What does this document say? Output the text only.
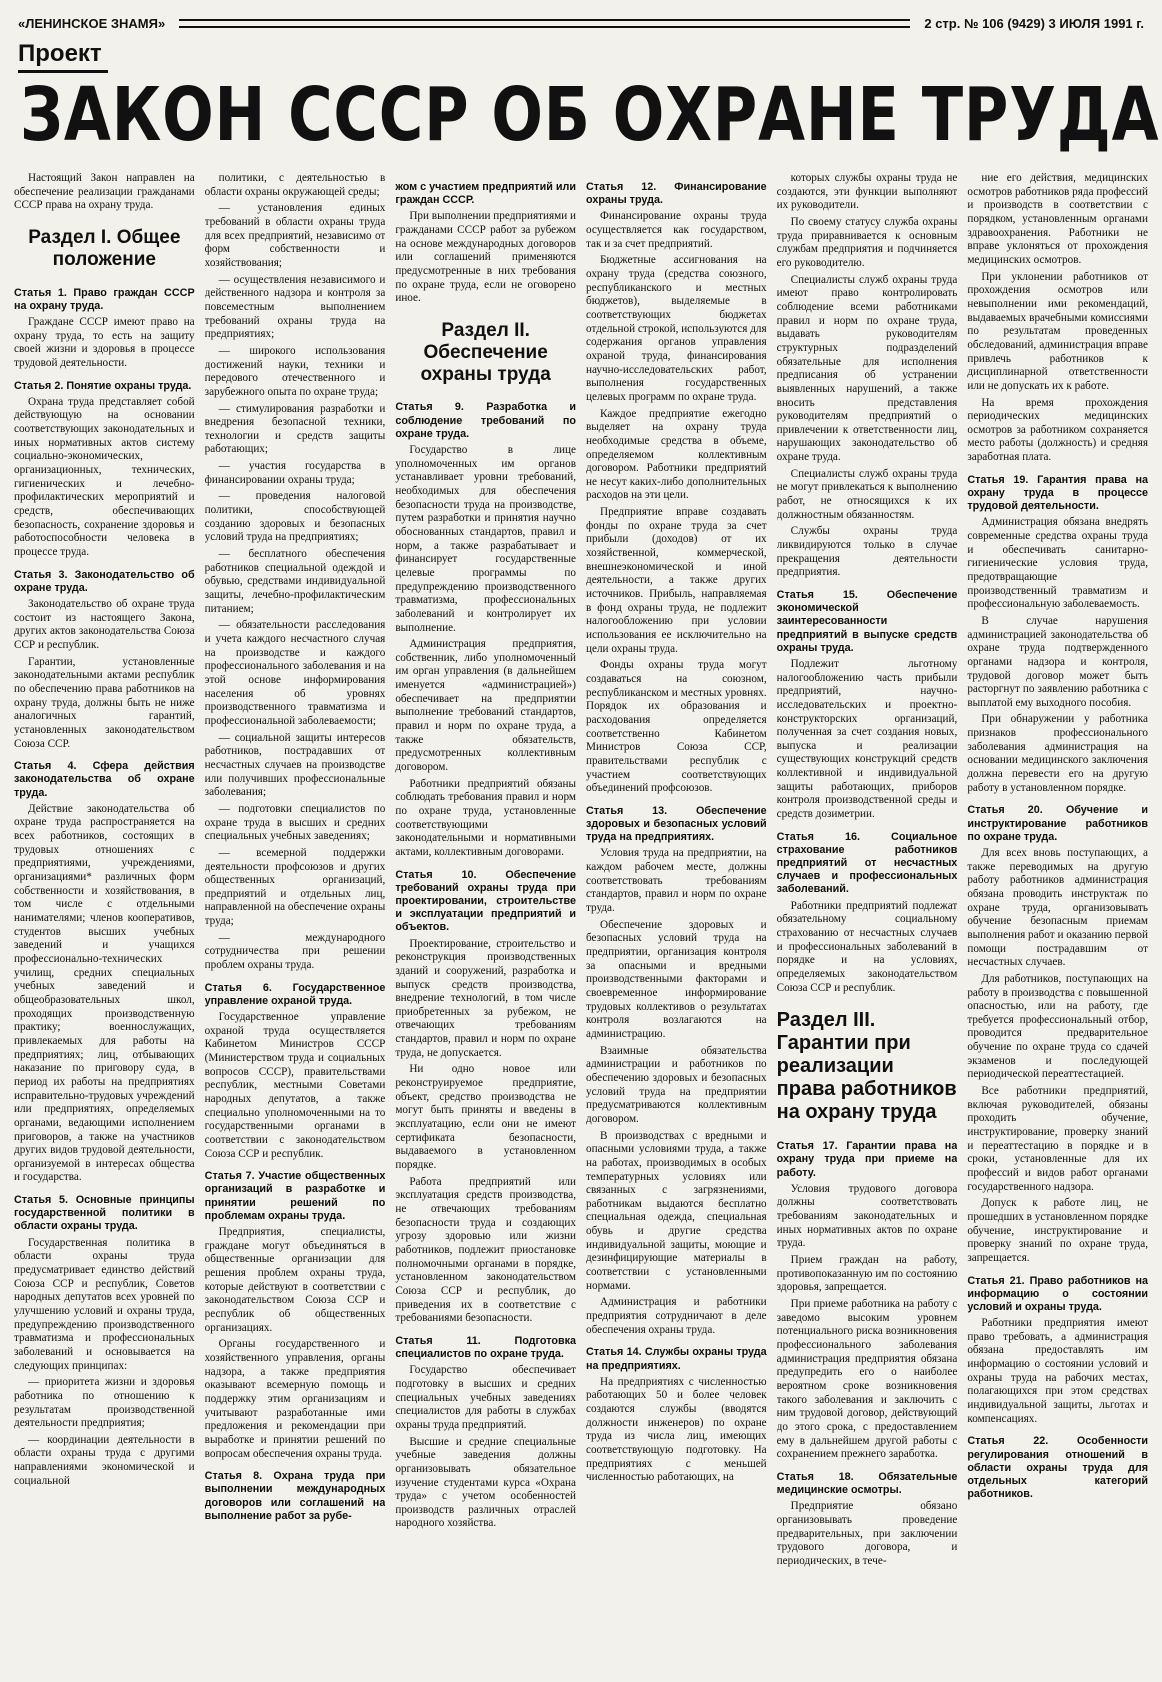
«ЛЕНИНСКОЕ ЗНАМЯ»	2 стр. № 106 (9429) 3 ИЮЛЯ 1991 г.
Проект
ЗАКОН СССР ОБ ОХРАНЕ ТРУДА

Настоящий Закон направлен на обеспечение реализации гражданами СССР права на охрану труда.

Раздел I. Общее положение

Статья 1. Право граждан СССР на охрану труда.

Граждане СССР имеют право на охрану труда, то есть на защиту своей жизни и здоровья в процессе трудовой деятельности.

Статья 2. Понятие охраны труда.

Охрана труда представляет собой действующую на основании соответствующих законодательных и иных нормативных актов систему социально-экономических, организационных, технических, гигиенических и лечебно-профилактических мероприятий и средств, обеспечивающих безопасность, сохранение здоровья и работоспособности человека в процессе труда.

Статья 3. Законодательство об охране труда.

Законодательство об охране труда состоит из настоящего Закона, других актов законодательства Союза ССР и республик.

Гарантии, установленные законодательными актами республик по обеспечению права работников на охрану труда, должны быть не ниже аналогичных гарантий, установленных законодательством Союза ССР.

Статья 4. Сфера действия законодательства об охране труда.

Действие законодательства об охране труда распространяется на всех работников, состоящих в трудовых отношениях с предприятиями, учреждениями, организациями* различных форм собственности и хозяйствования, в том числе с отдельными нанимателями; членов кооперативов, студентов высших учебных заведений и учащихся профессионально-технических училищ, средних специальных учебных заведений и общеобразовательных школ, проходящих производственную практику; военнослужащих, привлекаемых для работы на предприятиях; лиц, отбывающих наказание по приговору суда, в период их работы на предприятиях исправительно-трудовых учреждений или предприятиях, определяемых органами, ведающими исполнением приговоров, а также на участников других видов трудовой деятельности, организуемой в интересах общества и государства.

Статья 5. Основные принципы государственной политики в области охраны труда.

Государственная политика в области охраны труда предусматривает единство действий Союза ССР и республик, Советов народных депутатов всех уровней по улучшению условий и охраны труда, предупреждению производственного травматизма и профессиональных заболеваний и основывается на следующих принципах:

— приоритета жизни и здоровья работника по отношению к результатам производственной деятельности предприятия;

— координации деятельности в области охраны труда с другими направлениями экономической и социальной

политики, с деятельностью в области охраны окружающей среды;

— установления единых требований в области охраны труда для всех предприятий, независимо от форм собственности и хозяйствования;

— осуществления независимого и действенного надзора и контроля за повсеместным выполнением требований охраны труда на предприятиях;

— широкого использования достижений науки, техники и передового отечественного и зарубежного опыта по охране труда;

— стимулирования разработки и внедрения безопасной техники, технологии и средств защиты работающих;

— участия государства в финансировании охраны труда;

— проведения налоговой политики, способствующей созданию здоровых и безопасных условий труда на предприятиях;

— бесплатного обеспечения работников специальной одеждой и обувью, средствами индивидуальной защиты, лечебно-профилактическим питанием;

— обязательности расследования и учета каждого несчастного случая на производстве и каждого профессионального заболевания и на этой основе информирования населения об уровнях производственного травматизма и профессиональной заболеваемости;

— социальной защиты интересов работников, пострадавших от несчастных случаев на производстве или получивших профессиональные заболевания;

— подготовки специалистов по охране труда в высших и средних специальных учебных заведениях;

— всемерной поддержки деятельности профсоюзов и других общественных организаций, предприятий и отдельных лиц, направленной на обеспечение охраны труда;

— международного сотрудничества при решении проблем охраны труда.

Статья 6. Государственное управление охраной труда.

Государственное управление охраной труда осуществляется Кабинетом Министров СССР (Министерством труда и социальных вопросов СССР), правительствами республик, местными Советами народных депутатов, а также специально уполномоченными на то государственными органами в соответствии с законодательством Союза ССР и республик.

Статья 7. Участие общественных организаций в разработке и принятии решений по проблемам охраны труда.

Предприятия, специалисты, граждане могут объединяться в общественные организации для решения проблем охраны труда, которые действуют в соответствии с законодательством Союза ССР и республик об общественных организациях.

Органы государственного и хозяйственного управления, органы надзора, а также предприятия оказывают всемерную помощь и поддержку этим организациям и учитывают разработанные ими предложения и рекомендации при выработке и принятии решений по вопросам обеспечения охраны труда.

Статья 8. Охрана труда при выполнении международных договоров или соглашений на выполнение работ за рубе-

жом с участием предприятий или граждан СССР.

При выполнении предприятиями и гражданами СССР работ за рубежом на основе международных договоров или соглашений применяются предусмотренные в них требования по охране труда, если не оговорено иное.

Раздел II. Обеспечение охраны труда

Статья 9. Разработка и соблюдение требований по охране труда.

Государство в лице уполномоченных им органов устанавливает уровни требований, необходимых для обеспечения безопасности труда на производстве, путем разработки и принятия научно обоснованных стандартов, правил и норм, а также разрабатывает и финансирует государственные целевые программы по предупреждению производственного травматизма, профессиональных заболеваний и контролирует их выполнение.

Администрация предприятия, собственник, либо уполномоченный им орган управления (в дальнейшем именуется «администрацией») обеспечивает на предприятии выполнение требований стандартов, правил и норм по охране труда, а также обязательств, предусмотренных коллективным договором.

Работники предприятий обязаны соблюдать требования правил и норм по охране труда, установленные соответствующими законодательными и нормативными актами, коллективным договорами.

Статья 10. Обеспечение требований охраны труда при проектировании, строительстве и эксплуатации предприятий и объектов.

Проектирование, строительство и реконструкция производственных зданий и сооружений, разработка и выпуск средств производства, внедрение технологий, в том числе приобретенных за рубежом, не отвечающих требованиям стандартов, правил и норм по охране труда, не допускается.

Ни одно новое или реконструируемое предприятие, объект, средство производства не могут быть приняты и введены в эксплуатацию, если они не имеют сертификата безопасности, выдаваемого в установленном порядке.

Работа предприятий или эксплуатация средств производства, не отвечающих требованиям безопасности труда и создающих угрозу здоровью или жизни работников, подлежит приостановке полномочными органами в порядке, установленном законодательством Союза ССР и республик, до приведения их в соответствие с требованиями безопасности.

Статья 11. Подготовка специалистов по охране труда.

Государство обеспечивает подготовку в высших и средних специальных учебных заведениях специалистов для работы в службах охраны труда предприятий.

Высшие и средние специальные учебные заведения должны организовывать обязательное изучение студентами курса «Охрана труда» с учетом особенностей производств различных отраслей народного хозяйства.

Статья 12. Финансирование охраны труда.

Финансирование охраны труда осуществляется как государством, так и за счет предприятий.

Бюджетные ассигнования на охрану труда (средства союзного, республиканского и местных бюджетов), выделяемые в соответствующих бюджетах отдельной строкой, используются для содержания органов управления охраной труда, финансирования научно-исследовательских работ, выполнения государственных целевых программ по охране труда.

Каждое предприятие ежегодно выделяет на охрану труда необходимые средства в объеме, определяемом коллективным договором. Работники предприятий не несут каких-либо дополнительных расходов на эти цели.

Предприятие вправе создавать фонды по охране труда за счет прибыли (доходов) от их хозяйственной, коммерческой, внешнеэкономической и иной деятельности, а также других источников. Прибыль, направляемая в фонд охраны труда, не подлежит налогообложению при условии использования ее исключительно на цели охраны труда.

Фонды охраны труда могут создаваться на союзном, республиканском и местных уровнях. Порядок их образования и расходования определяется соответственно Кабинетом Министров Союза ССР, правительствами республик с участием соответствующих объединений профсоюзов.

Статья 13. Обеспечение здоровых и безопасных условий труда на предприятиях.

Условия труда на предприятии, на каждом рабочем месте, должны соответствовать требованиям стандартов, правил и норм по охране труда.

Обеспечение здоровых и безопасных условий труда на предприятии, организация контроля за опасными и вредными производственными факторами и своевременное информирование трудовых коллективов о результатах контроля возлагаются на администрацию.

Взаимные обязательства администрации и работников по обеспечению здоровых и безопасных условий труда на предприятии предусматриваются коллективным договором.

В производствах с вредными и опасными условиями труда, а также на работах, производимых в особых температурных условиях или связанных с загрязнениями, работникам выдаются бесплатно специальная одежда, специальная обувь и другие средства индивидуальной защиты, моющие и дезинфицирующие материалы в соответствии с установленными нормами.

Администрация и работники предприятия сотрудничают в деле обеспечения охраны труда.

Статья 14. Службы охраны труда на предприятиях.

На предприятиях с численностью работающих 50 и более человек создаются службы (вводятся должности инженеров) по охране труда из числа лиц, имеющих соответствующую подготовку. На предприятиях с меньшей численностью работающих, на

которых службы охраны труда не создаются, эти функции выполняют их руководители.

По своему статусу служба охраны труда приравнивается к основным службам предприятия и подчиняется его руководителю.

Специалисты служб охраны труда имеют право контролировать соблюдение всеми работниками правил и норм по охране труда, выдавать руководителям структурных подразделений обязательные для исполнения предписания об устранении выявленных нарушений, а также вносить представления руководителям предприятий о привлечении к ответственности лиц, нарушающих законодательство об охране труда.

Специалисты служб охраны труда не могут привлекаться к выполнению работ, не относящихся к их должностным обязанностям.

Службы охраны труда ликвидируются только в случае прекращения деятельности предприятия.

Статья 15. Обеспечение экономической заинтересованности предприятий в выпуске средств охраны труда.

Подлежит льготному налогообложению часть прибыли предприятий, научно-исследовательских и проектно-конструкторских организаций, полученная за счет создания новых, выпуска и реализации существующих конструкций средств коллективной и индивидуальной защиты работающих, приборов контроля производственной среды и средств дозиметрии.

Статья 16. Социальное страхование работников предприятий от несчастных случаев и профессиональных заболеваний.

Работники предприятий подлежат обязательному социальному страхованию от несчастных случаев и профессиональных заболеваний в порядке и на условиях, определяемых законодательством Союза ССР и республик.

Раздел III. Гарантии при реализации права работников на охрану труда

Статья 17. Гарантии права на охрану труда при приеме на работу.

Условия трудового договора должны соответствовать требованиям законодательных и иных нормативных актов по охране труда.

Прием граждан на работу, противопоказанную им по состоянию здоровья, запрещается.

При приеме работника на работу с заведомо высоким уровнем потенциального риска возникновения профессионального заболевания администрация предприятия обязана предупредить его о наиболее вероятном сроке возникновения такого заболевания и заключить с ним трудовой договор, действующий до этого срока, с предоставлением ему в дальнейшем другой работы с сохранением прежнего заработка.

Статья 18. Обязательные медицинские осмотры.

Предприятие обязано организовывать проведение предварительных, при заключении трудового договора, и периодических, в тече-

ние его действия, медицинских осмотров работников ряда профессий и производств в соответствии с порядком, установленным органами здравоохранения. Работники не вправе уклоняться от прохождения медицинских осмотров.

При уклонении работников от прохождения осмотров или невыполнении ими рекомендаций, выдаваемых врачебными комиссиями по результатам проведенных обследований, администрация вправе привлечь работников к дисциплинарной ответственности или не допускать их к работе.

На время прохождения периодических медицинских осмотров за работником сохраняется место работы (должность) и средняя заработная плата.

Статья 19. Гарантия права на охрану труда в процессе трудовой деятельности.

Администрация обязана внедрять современные средства охраны труда и обеспечивать санитарно-гигиенические условия труда, предотвращающие производственный травматизм и профессиональную заболеваемость.

В случае нарушения администрацией законодательства об охране труда подтвержденного органами надзора и контроля, трудовой договор может быть расторгнут по заявлению работника с выплатой ему выходного пособия.

При обнаружении у работника признаков профессионального заболевания администрация на основании медицинского заключения должна перевести его на другую работу в установленном порядке.

Статья 20. Обучение и инструктирование работников по охране труда.

Для всех вновь поступающих, а также переводимых на другую работу работников администрация обязана проводить инструктаж по охране труда, организовывать обучение безопасным приемам выполнения работ и оказанию первой помощи пострадавшим от несчастных случаев.

Для работников, поступающих на работу в производства с повышенной опасностью, или на работу, где требуется профессиональный отбор, проводится предварительное обучение по охране труда со сдачей экзаменов и последующей периодической переаттестацией.

Все работники предприятий, включая руководителей, обязаны проходить обучение, инструктирование, проверку знаний и переаттестацию в порядке и в сроки, установленные для их профессий и видов работ органами государственного надзора.

Допуск к работе лиц, не прошедших в установленном порядке обучение, инструктирование и проверку знаний по охране труда, запрещается.

Статья 21. Право работников на информацию о состоянии условий и охраны труда.

Работники предприятия имеют право требовать, а администрация обязана предоставлять им информацию о состоянии условий и охраны труда на рабочих местах, полагающихся при этом средствах индивидуальной защиты, льготах и компенсациях.

Статья 22. Особенности регулирования отношений в области охраны труда для отдельных категорий работников.
